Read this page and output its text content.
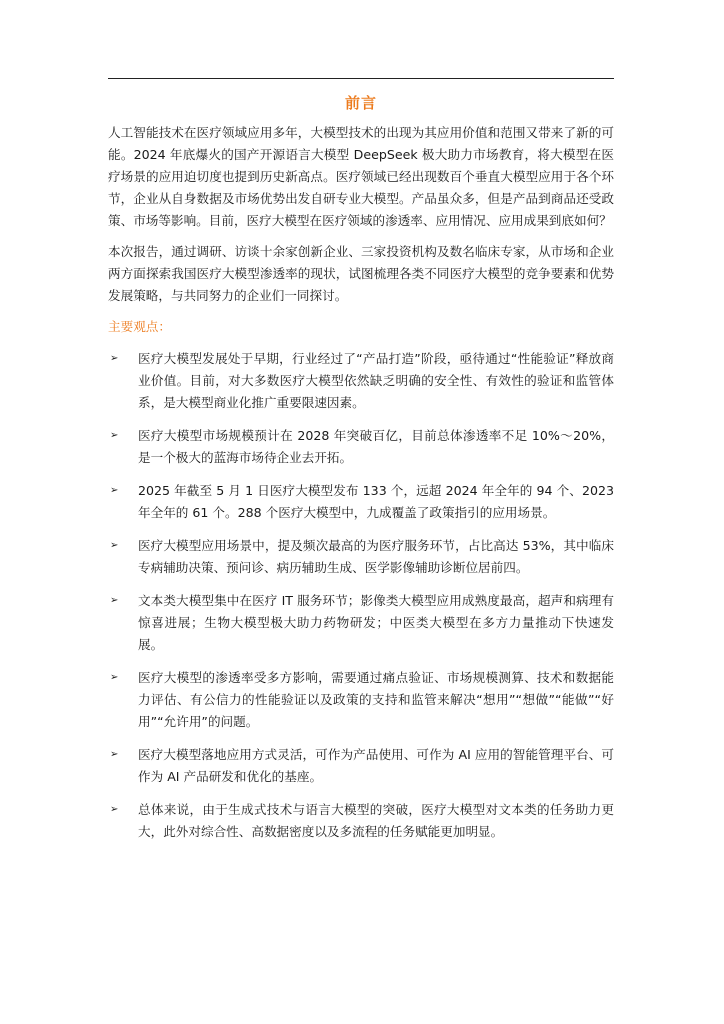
前言

人工智能技术在医疗领域应用多年，大模型技术的出现为其应用价值和范围又带来了新的可能。2024 年底爆火的国产开源语言大模型 DeepSeek 极大助力市场教育，将大模型在医疗场景的应用迫切度也提到历史新高点。医疗领域已经出现数百个垂直大模型应用于各个环节，企业从自身数据及市场优势出发自研专业大模型。产品虽众多，但是产品到商品还受政策、市场等影响。目前，医疗大模型在医疗领域的渗透率、应用情况、应用成果到底如何？

本次报告，通过调研、访谈十余家创新企业、三家投资机构及数名临床专家，从市场和企业两方面探索我国医疗大模型渗透率的现状，试图梳理各类不同医疗大模型的竞争要素和优势发展策略，与共同努力的企业们一同探讨。

主要观点：
➢	医疗大模型发展处于早期，行业经过了“产品打造”阶段，亟待通过“性能验证”释放商业价值。目前，对大多数医疗大模型依然缺乏明确的安全性、有效性的验证和监管体系，是大模型商业化推广重要限速因素。
➢	医疗大模型市场规模预计在 2028 年突破百亿，目前总体渗透率不足 10%～20%，是一个极大的蓝海市场待企业去开拓。
➢	2025 年截至 5 月 1 日医疗大模型发布 133 个，远超 2024 年全年的 94 个、2023 年全年的 61 个。288 个医疗大模型中，九成覆盖了政策指引的应用场景。
➢	医疗大模型应用场景中，提及频次最高的为医疗服务环节，占比高达 53%，其中临床专病辅助决策、预问诊、病历辅助生成、医学影像辅助诊断位居前四。
➢	文本类大模型集中在医疗 IT 服务环节；影像类大模型应用成熟度最高，超声和病理有惊喜进展；生物大模型极大助力药物研发；中医类大模型在多方力量推动下快速发展。
➢	医疗大模型的渗透率受多方影响，需要通过痛点验证、市场规模测算、技术和数据能力评估、有公信力的性能验证以及政策的支持和监管来解决“想用”“想做”“能做”“好用”“允许用”的问题。
➢	医疗大模型落地应用方式灵活，可作为产品使用、可作为 AI 应用的智能管理平台、可作为 AI 产品研发和优化的基座。
➢	总体来说，由于生成式技术与语言大模型的突破，医疗大模型对文本类的任务助力更大，此外对综合性、高数据密度以及多流程的任务赋能更加明显。
